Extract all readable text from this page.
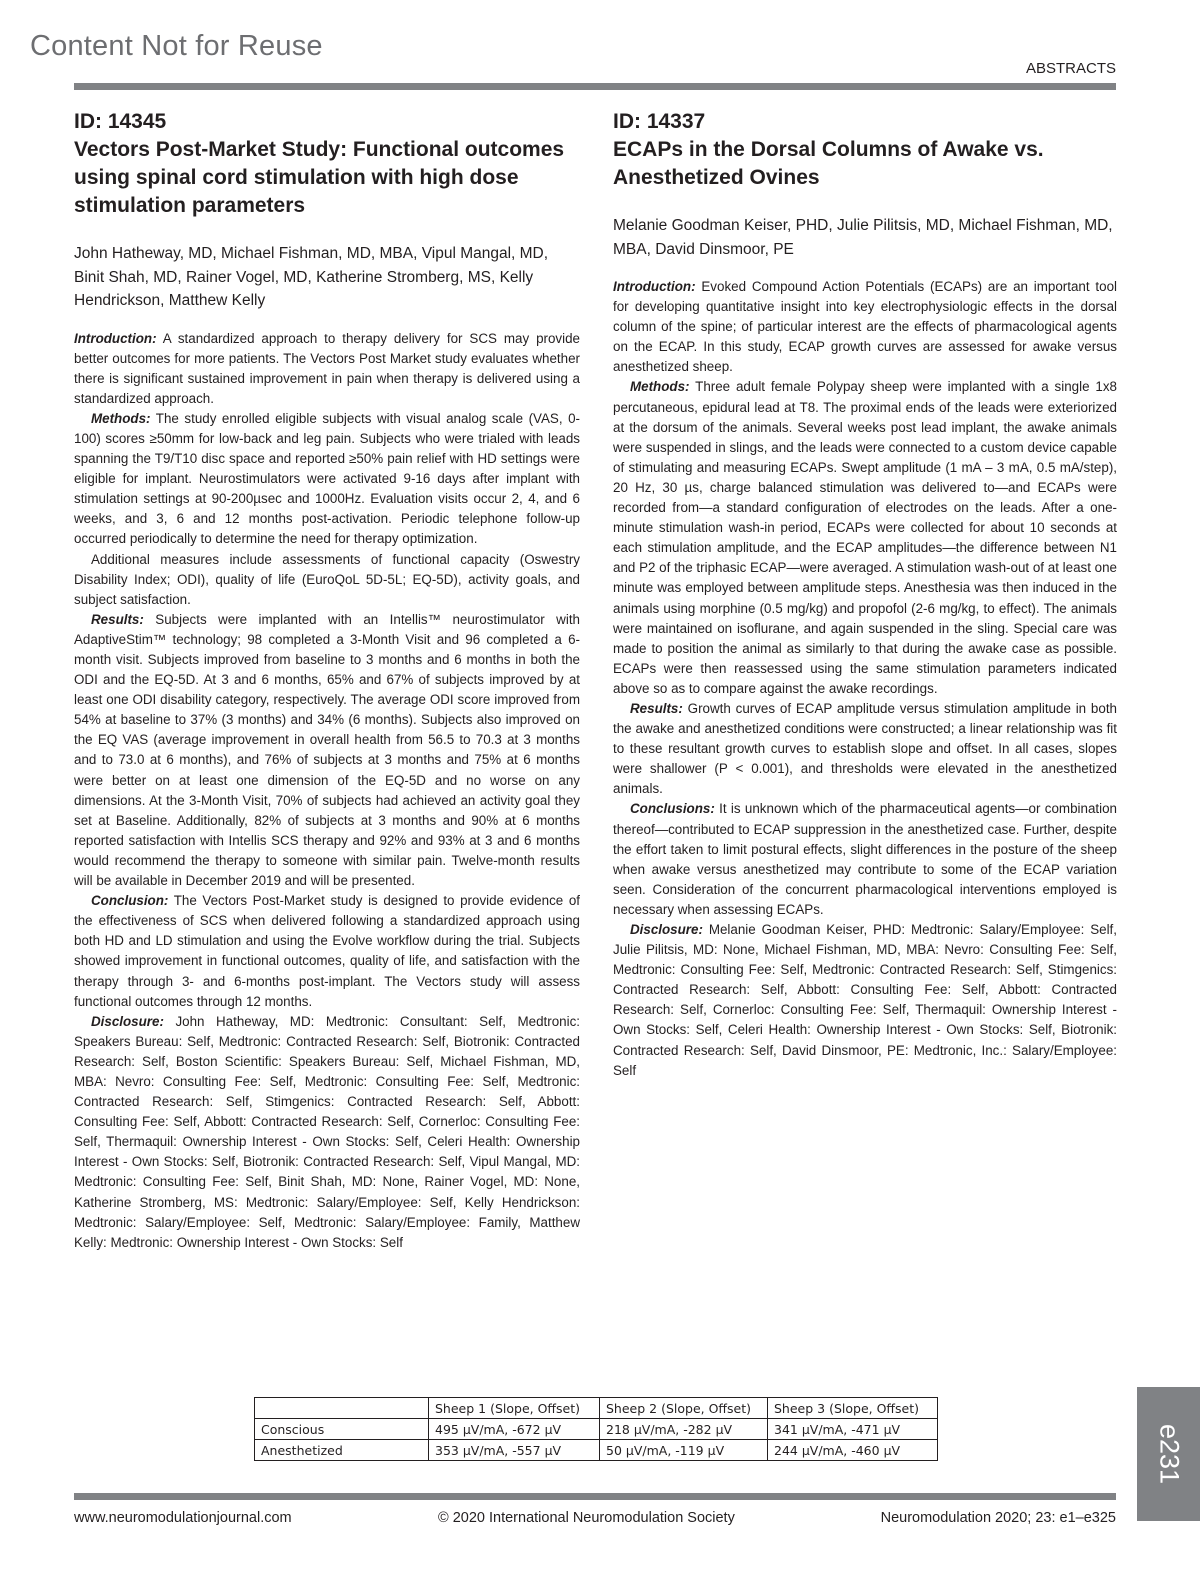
Content Not for Reuse
ABSTRACTS

ID: 14345

Vectors Post-Market Study: Functional outcomes using spinal cord stimulation with high dose stimulation parameters

John Hatheway, MD, Michael Fishman, MD, MBA, Vipul Mangal, MD, Binit Shah, MD, Rainer Vogel, MD, Katherine Stromberg, MS, Kelly Hendrickson, Matthew Kelly

Introduction: A standardized approach to therapy delivery for SCS may provide better outcomes for more patients. The Vectors Post Market study evaluates whether there is significant sustained improvement in pain when therapy is delivered using a standardized approach.

Methods: The study enrolled eligible subjects with visual analog scale (VAS, 0-100) scores ≥50mm for low-back and leg pain. Subjects who were trialed with leads spanning the T9/T10 disc space and reported ≥50% pain relief with HD settings were eligible for implant. Neurostimulators were activated 9-16 days after implant with stimulation settings at 90-200µsec and 1000Hz. Evaluation visits occur 2, 4, and 6 weeks, and 3, 6 and 12 months post-activation. Periodic telephone follow-up occurred periodically to determine the need for therapy optimization.

Additional measures include assessments of functional capacity (Oswestry Disability Index; ODI), quality of life (EuroQoL 5D-5L; EQ-5D), activity goals, and subject satisfaction.

Results: Subjects were implanted with an Intellis™ neurostimulator with AdaptiveStim™ technology; 98 completed a 3-Month Visit and 96 completed a 6-month visit. Subjects improved from baseline to 3 months and 6 months in both the ODI and the EQ-5D. At 3 and 6 months, 65% and 67% of subjects improved by at least one ODI disability category, respectively. The average ODI score improved from 54% at baseline to 37% (3 months) and 34% (6 months). Subjects also improved on the EQ VAS (average improvement in overall health from 56.5 to 70.3 at 3 months and to 73.0 at 6 months), and 76% of subjects at 3 months and 75% at 6 months were better on at least one dimension of the EQ-5D and no worse on any dimensions. At the 3-Month Visit, 70% of subjects had achieved an activity goal they set at Baseline. Additionally, 82% of subjects at 3 months and 90% at 6 months reported satisfaction with Intellis SCS therapy and 92% and 93% at 3 and 6 months would recommend the therapy to someone with similar pain. Twelve-month results will be available in December 2019 and will be presented.

Conclusion: The Vectors Post-Market study is designed to provide evidence of the effectiveness of SCS when delivered following a standardized approach using both HD and LD stimulation and using the Evolve workflow during the trial. Subjects showed improvement in functional outcomes, quality of life, and satisfaction with the therapy through 3- and 6-months post-implant. The Vectors study will assess functional outcomes through 12 months.

Disclosure: John Hatheway, MD: Medtronic: Consultant: Self, Medtronic: Speakers Bureau: Self, Medtronic: Contracted Research: Self, Biotronik: Contracted Research: Self, Boston Scientific: Speakers Bureau: Self, Michael Fishman, MD, MBA: Nevro: Consulting Fee: Self, Medtronic: Consulting Fee: Self, Medtronic: Contracted Research: Self, Stimgenics: Contracted Research: Self, Abbott: Consulting Fee: Self, Abbott: Contracted Research: Self, Cornerloc: Consulting Fee: Self, Thermaquil: Ownership Interest - Own Stocks: Self, Celeri Health: Ownership Interest - Own Stocks: Self, Biotronik: Contracted Research: Self, Vipul Mangal, MD: Medtronic: Consulting Fee: Self, Binit Shah, MD: None, Rainer Vogel, MD: None, Katherine Stromberg, MS: Medtronic: Salary/Employee: Self, Kelly Hendrickson: Medtronic: Salary/Employee: Self, Medtronic: Salary/Employee: Family, Matthew Kelly: Medtronic: Ownership Interest - Own Stocks: Self

ID: 14337

ECAPs in the Dorsal Columns of Awake vs. Anesthetized Ovines

Melanie Goodman Keiser, PHD, Julie Pilitsis, MD, Michael Fishman, MD, MBA, David Dinsmoor, PE

Introduction: Evoked Compound Action Potentials (ECAPs) are an important tool for developing quantitative insight into key electrophysiologic effects in the dorsal column of the spine; of particular interest are the effects of pharmacological agents on the ECAP. In this study, ECAP growth curves are assessed for awake versus anesthetized sheep.

Methods: Three adult female Polypay sheep were implanted with a single 1x8 percutaneous, epidural lead at T8. The proximal ends of the leads were exteriorized at the dorsum of the animals. Several weeks post lead implant, the awake animals were suspended in slings, and the leads were connected to a custom device capable of stimulating and measuring ECAPs. Swept amplitude (1 mA – 3 mA, 0.5 mA/step), 20 Hz, 30 µs, charge balanced stimulation was delivered to—and ECAPs were recorded from—a standard configuration of electrodes on the leads. After a one-minute stimulation wash-in period, ECAPs were collected for about 10 seconds at each stimulation amplitude, and the ECAP amplitudes—the difference between N1 and P2 of the triphasic ECAP—were averaged. A stimulation wash-out of at least one minute was employed between amplitude steps. Anesthesia was then induced in the animals using morphine (0.5 mg/kg) and propofol (2-6 mg/kg, to effect). The animals were maintained on isoflurane, and again suspended in the sling. Special care was made to position the animal as similarly to that during the awake case as possible. ECAPs were then reassessed using the same stimulation parameters indicated above so as to compare against the awake recordings.

Results: Growth curves of ECAP amplitude versus stimulation amplitude in both the awake and anesthetized conditions were constructed; a linear relationship was fit to these resultant growth curves to establish slope and offset. In all cases, slopes were shallower (P < 0.001), and thresholds were elevated in the anesthetized animals.

Conclusions: It is unknown which of the pharmaceutical agents—or combination thereof—contributed to ECAP suppression in the anesthetized case. Further, despite the effort taken to limit postural effects, slight differences in the posture of the sheep when awake versus anesthetized may contribute to some of the ECAP variation seen. Consideration of the concurrent pharmacological interventions employed is necessary when assessing ECAPs.

Disclosure: Melanie Goodman Keiser, PHD: Medtronic: Salary/Employee: Self, Julie Pilitsis, MD: None, Michael Fishman, MD, MBA: Nevro: Consulting Fee: Self, Medtronic: Consulting Fee: Self, Medtronic: Contracted Research: Self, Stimgenics: Contracted Research: Self, Abbott: Consulting Fee: Self, Abbott: Contracted Research: Self, Cornerloc: Consulting Fee: Self, Thermaquil: Ownership Interest - Own Stocks: Self, Celeri Health: Ownership Interest - Own Stocks: Self, Biotronik: Contracted Research: Self, David Dinsmoor, PE: Medtronic, Inc.: Salary/Employee: Self

	Sheep 1 (Slope, Offset)	Sheep 2 (Slope, Offset)	Sheep 3 (Slope, Offset)
Conscious	495 µV/mA, -672 µV	218 µV/mA, -282 µV	341 µV/mA, -471 µV
Anesthetized	353 µV/mA, -557 µV	50 µV/mA, -119 µV	244 µV/mA, -460 µV
www.neuromodulationjournal.com	© 2020 International Neuromodulation Society	Neuromodulation 2020; 23: e1–e325
e231
